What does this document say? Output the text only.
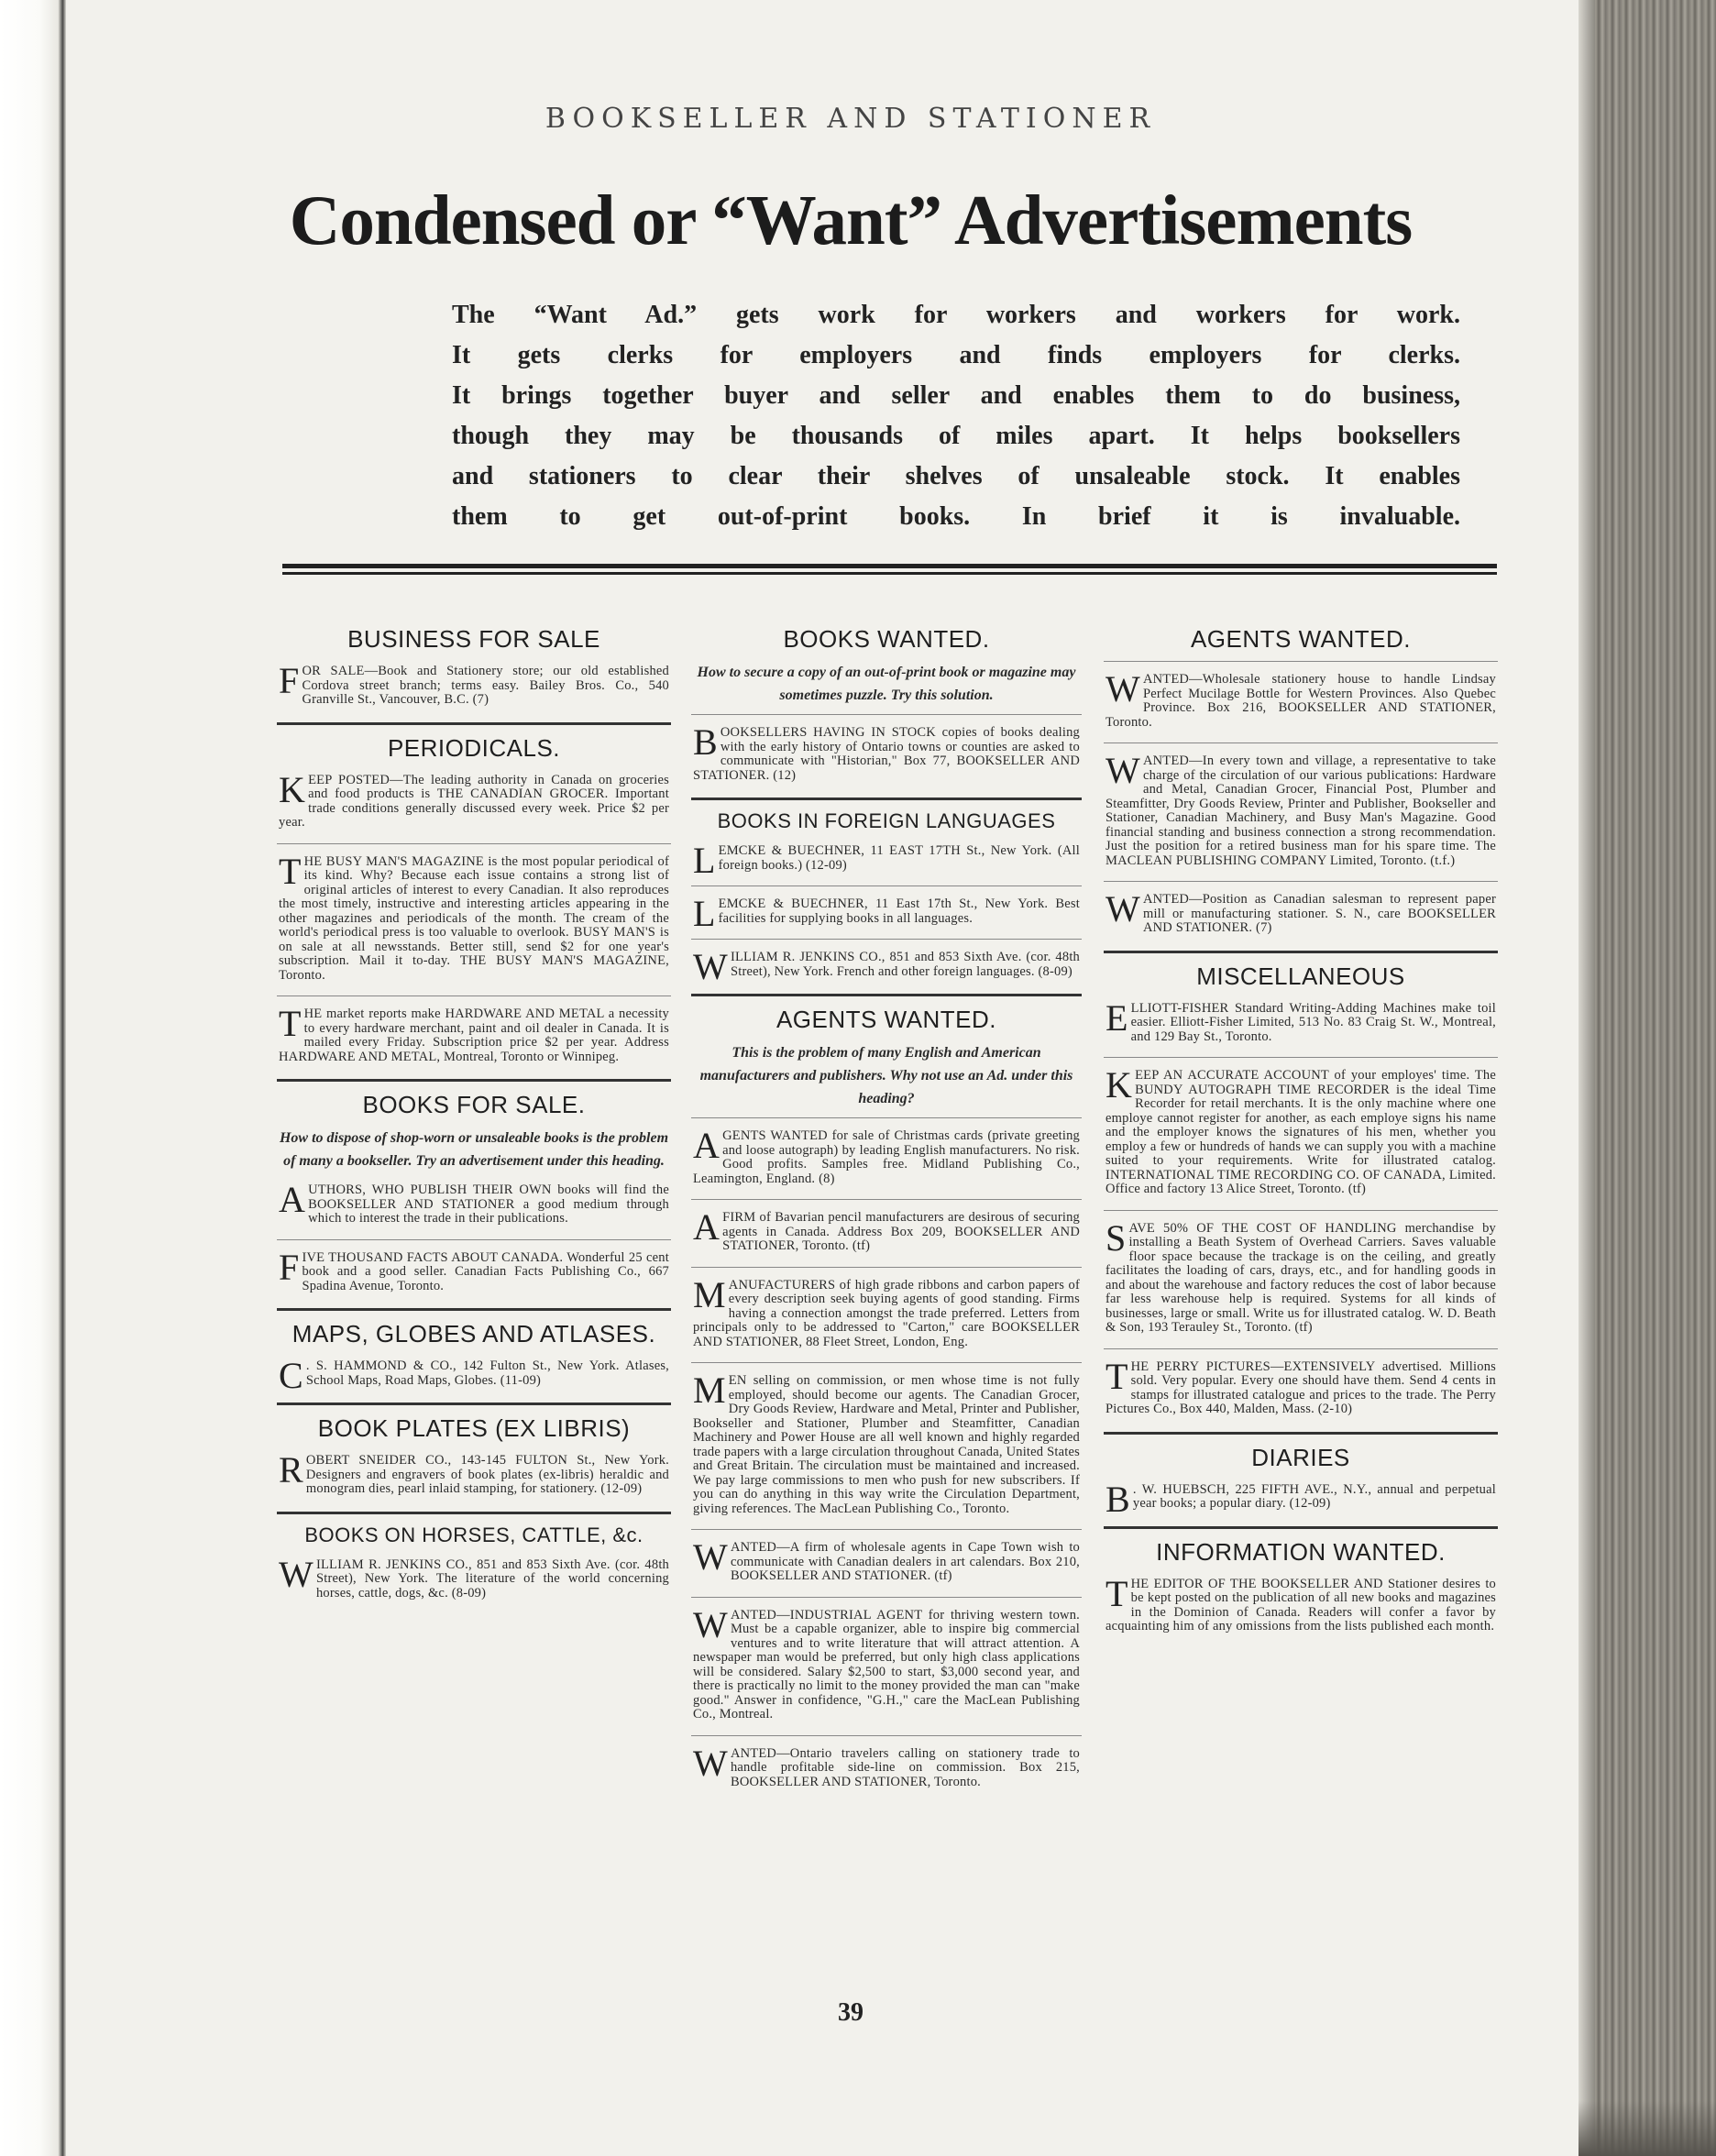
BOOKSELLER AND STATIONER
Condensed or “Want” Advertisements
The “Want Ad.” gets work for workers and workers for work.
It gets clerks for employers and finds employers for clerks.
It brings together buyer and seller and enables them to do business,
though they may be thousands of miles apart. It helps booksellers
and stationers to clear their shelves of unsaleable stock. It enables
them to get out-of-print books. In brief it is invaluable.
BUSINESS FOR SALE
FOR SALE—Book and Stationery store; our old established Cordova street branch; terms easy. Bailey Bros. Co., 540 Granville St., Vancouver, B.C. (7)
PERIODICALS.
KEEP POSTED—The leading authority in Canada on groceries and food products is THE CANADIAN GROCER. Important trade conditions generally discussed every week. Price $2 per year.
THE BUSY MAN'S MAGAZINE is the most popular periodical of its kind. Why? Because each issue contains a strong list of original articles of interest to every Canadian. It also reproduces the most timely, instructive and interesting articles appearing in the other magazines and periodicals of the month. The cream of the world's periodical press is too valuable to overlook. BUSY MAN'S is on sale at all newsstands. Better still, send $2 for one year's subscription. Mail it to-day. THE BUSY MAN'S MAGAZINE, Toronto.
THE market reports make HARDWARE AND METAL a necessity to every hardware merchant, paint and oil dealer in Canada. It is mailed every Friday. Subscription price $2 per year. Address HARDWARE AND METAL, Montreal, Toronto or Winnipeg.
BOOKS FOR SALE.
How to dispose of shop-worn or unsaleable books is the problem of many a bookseller. Try an advertisement under this heading.
AUTHORS, WHO PUBLISH THEIR OWN books will find the BOOKSELLER AND STATIONER a good medium through which to interest the trade in their publications.
FIVE THOUSAND FACTS ABOUT CANADA. Wonderful 25 cent book and a good seller. Canadian Facts Publishing Co., 667 Spadina Avenue, Toronto.
MAPS, GLOBES AND ATLASES.
C . S. HAMMOND & CO., 142 Fulton St., New York. Atlases, School Maps, Road Maps, Globes. (11-09)
BOOK PLATES (EX LIBRIS)
ROBERT SNEIDER CO., 143-145 FULTON St., New York. Designers and engravers of book plates (ex-libris) heraldic and monogram dies, pearl inlaid stamping, for stationery. (12-09)
BOOKS ON HORSES, CATTLE, &c.
WILLIAM R. JENKINS CO., 851 and 853 Sixth Ave. (cor. 48th Street), New York. The literature of the world concerning horses, cattle, dogs, &c. (8-09)
BOOKS WANTED.
How to secure a copy of an out-of-print book or magazine may sometimes puzzle. Try this solution.
BOOKSELLERS HAVING IN STOCK copies of books dealing with the early history of Ontario towns or counties are asked to communicate with "Historian," Box 77, BOOKSELLER AND STATIONER. (12)
BOOKS IN FOREIGN LANGUAGES
LEMCKE & BUECHNER, 11 EAST 17TH St., New York. (All foreign books.) (12-09)
LEMCKE & BUECHNER, 11 East 17th St., New York. Best facilities for supplying books in all languages.
WILLIAM R. JENKINS CO., 851 and 853 Sixth Ave. (cor. 48th Street), New York. French and other foreign languages. (8-09)
AGENTS WANTED.
This is the problem of many English and American manufacturers and publishers. Why not use an Ad. under this heading?
AGENTS WANTED for sale of Christmas cards (private greeting and loose autograph) by leading English manufacturers. No risk. Good profits. Samples free. Midland Publishing Co., Leamington, England. (8)
A FIRM of Bavarian pencil manufacturers are desirous of securing agents in Canada. Address Box 209, BOOKSELLER AND STATIONER, Toronto. (tf)
MANUFACTURERS of high grade ribbons and carbon papers of every description seek buying agents of good standing. Firms having a connection amongst the trade preferred. Letters from principals only to be addressed to "Carton," care BOOKSELLER AND STATIONER, 88 Fleet Street, London, Eng.
MEN selling on commission, or men whose time is not fully employed, should become our agents. The Canadian Grocer, Dry Goods Review, Hardware and Metal, Printer and Publisher, Bookseller and Stationer, Plumber and Steamfitter, Canadian Machinery and Power House are all well known and highly regarded trade papers with a large circulation throughout Canada, United States and Great Britain. The circulation must be maintained and increased. We pay large commissions to men who push for new subscribers. If you can do anything in this way write the Circulation Department, giving references. The MacLean Publishing Co., Toronto.
WANTED—A firm of wholesale agents in Cape Town wish to communicate with Canadian dealers in art calendars. Box 210, BOOKSELLER AND STATIONER. (tf)
WANTED—INDUSTRIAL AGENT for thriving western town. Must be a capable organizer, able to inspire big commercial ventures and to write literature that will attract attention. A newspaper man would be preferred, but only high class applications will be considered. Salary $2,500 to start, $3,000 second year, and there is practically no limit to the money provided the man can "make good." Answer in confidence, "G.H.," care the MacLean Publishing Co., Montreal.
WANTED—Ontario travelers calling on stationery trade to handle profitable side-line on commission. Box 215, BOOKSELLER AND STATIONER, Toronto.
AGENTS WANTED.
WANTED—Wholesale stationery house to handle Lindsay Perfect Mucilage Bottle for Western Provinces. Also Quebec Province. Box 216, BOOKSELLER AND STATIONER, Toronto.
WANTED—In every town and village, a representative to take charge of the circulation of our various publications: Hardware and Metal, Canadian Grocer, Financial Post, Plumber and Steamfitter, Dry Goods Review, Printer and Publisher, Bookseller and Stationer, Canadian Machinery, and Busy Man's Magazine. Good financial standing and business connection a strong recommendation. Just the position for a retired business man for his spare time. The MACLEAN PUBLISHING COMPANY Limited, Toronto. (t.f.)
WANTED—Position as Canadian salesman to represent paper mill or manufacturing stationer. S. N., care BOOKSELLER AND STATIONER. (7)
MISCELLANEOUS
ELLIOTT-FISHER Standard Writing-Adding Machines make toil easier. Elliott-Fisher Limited, 513 No. 83 Craig St. W., Montreal, and 129 Bay St., Toronto.
KEEP AN ACCURATE ACCOUNT of your employes' time. The BUNDY AUTOGRAPH TIME RECORDER is the ideal Time Recorder for retail merchants. It is the only machine where one employe cannot register for another, as each employe signs his name and the employer knows the signatures of his men, whether you employ a few or hundreds of hands we can supply you with a machine suited to your requirements. Write for illustrated catalog. INTERNATIONAL TIME RECORDING CO. OF CANADA, Limited. Office and factory 13 Alice Street, Toronto. (tf)
SAVE 50% OF THE COST OF HANDLING merchandise by installing a Beath System of Overhead Carriers. Saves valuable floor space because the trackage is on the ceiling, and greatly facilitates the loading of cars, drays, etc., and for handling goods in and about the warehouse and factory reduces the cost of labor because far less warehouse help is required. Systems for all kinds of businesses, large or small. Write us for illustrated catalog. W. D. Beath & Son, 193 Terauley St., Toronto. (tf)
THE PERRY PICTURES—EXTENSIVELY advertised. Millions sold. Very popular. Every one should have them. Send 4 cents in stamps for illustrated catalogue and prices to the trade. The Perry Pictures Co., Box 440, Malden, Mass. (2-10)
DIARIES
B . W. HUEBSCH, 225 FIFTH AVE., N.Y., annual and perpetual year books; a popular diary. (12-09)
INFORMATION WANTED.
THE EDITOR OF THE BOOKSELLER AND Stationer desires to be kept posted on the publication of all new books and magazines in the Dominion of Canada. Readers will confer a favor by acquainting him of any omissions from the lists published each month.
39
